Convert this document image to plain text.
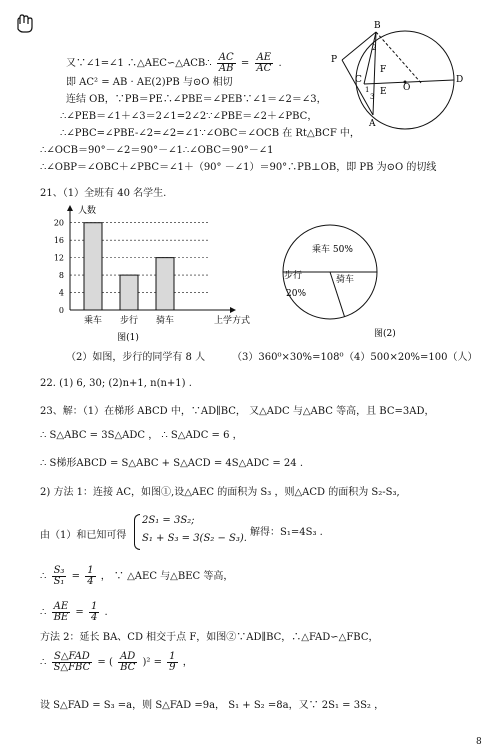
B
P
F
C
O
D
E
A
2
1
3
又∵∠1=∠1 ∴△AEC∽△ACB∴ $\frac{AC}{AB} = \frac{AE}{AC}$ .
即 AC² = AB · AE(2)PB 与⊙O 相切
连结 OB，∵PB＝PE∴∠PBE＝∠PEB∵∠1＝∠2＝∠3，
∴∠PEB＝∠1＋∠3＝2∠1=2∠2∵∠PBE＝∠2＋∠PBC，
∴∠PBC=∠PBE-∠2=∠2=∠1∵∠OBC＝∠OCB 在 Rt△BCF 中，
∴∠OCB＝90°－∠2＝90°－∠1∴∠OBC＝90°－∠1
∴∠OBP＝∠OBC＋∠PBC＝∠1＋（90° －∠1）＝90°∴PB⊥OB，即 PB 为⊙O 的切线
21、（1）全班有 40 名学生.
0
4
8
12
16
20
人数
乘车 步行 骑车	上学方式
图(1)
乘车 50%
步行
20%
骑车
图(2)
（2）如图，步行的同学有 8 人	（3）360⁰×30%=108⁰ （4）500×20%=100（人）
22. (1) 6, 30; (2)n+1, n(n+1) .
23、解：（1）在梯形 ABCD 中，∵AD∥BC， 又△ADC 与△ABC 等高，且 BC=3AD，
∴ S△ABC = 3S△ADC ， ∴ S△ADC = 6 ，
∴ S梯形ABCD = S△ABC + S△ACD = 4S△ADC = 24 .
2) 方法 1：连接 AC，如图①,设△AEC 的面积为 S₃ ，则△ACD 的面积为 S₂-S₃,
由（1）和已知可得
2S₁ = 3S₂;
S₁ + S₃ = 3(S₂ − S₃).
解得：S₁=4S₃ .
∴ $\frac{\text{S₃}}{\text{S₁}} = \frac{1}{4}$ ， ∵ △AEC 与△BEC 等高，
∴ $\frac{AE}{BE} = \frac{1}{4}$ .
方法 2：延长 BA、CD 相交于点 F，如图②∵AD∥BC，∴△FAD∽△FBC，
∴ $\frac{\text{S△FAD}}{\text{S△FBC}}$ = ( $\frac{AD}{BC} )^2 = \frac{1}{9}$ ，
设 S△FAD = S₃ =a，则 S△FAD =9a， S₁ + S₂ =8a，又∵ 2S₁ = 3S₂ ，
8
